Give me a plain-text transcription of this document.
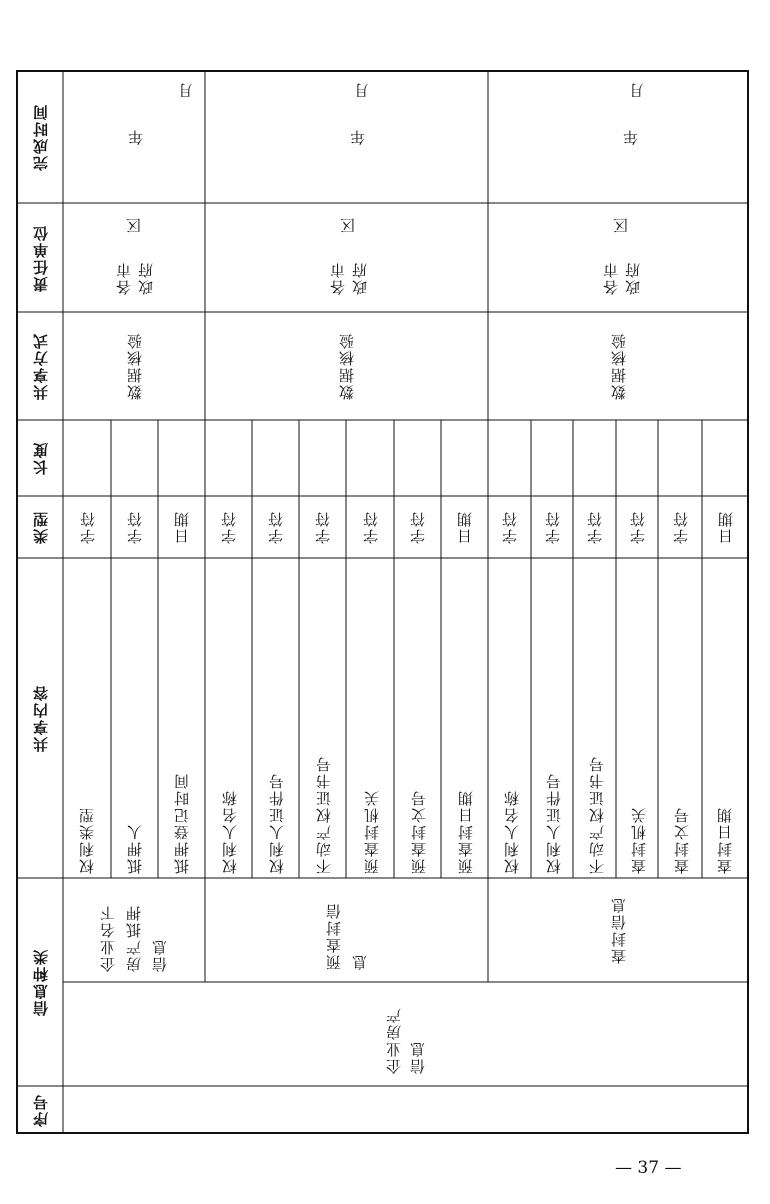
序号
信息种类
共享内容
类型
长度
共享方式
责任单位
完成时间
企业房产信息
企业名下房产抵押信息
数据核验
区
各市 政府
月
年
权利类型 抵押人 抵押登记时间
字符 字符 日期
预查封信息
数据核验
区
各市 政府
月
年
权利人名称 权利人证件号 不动产权证书号 预查封机关 预查封文号 预查封日期
字符 字符 字符 字符 字符 日期
查封信息
数据核验
区
各市 政府
月
年
权利人名称 权利人证件号 不动产权证书号 查封机关 查封文号 查封日期
字符 字符 字符 字符 字符 日期
— 37 —
